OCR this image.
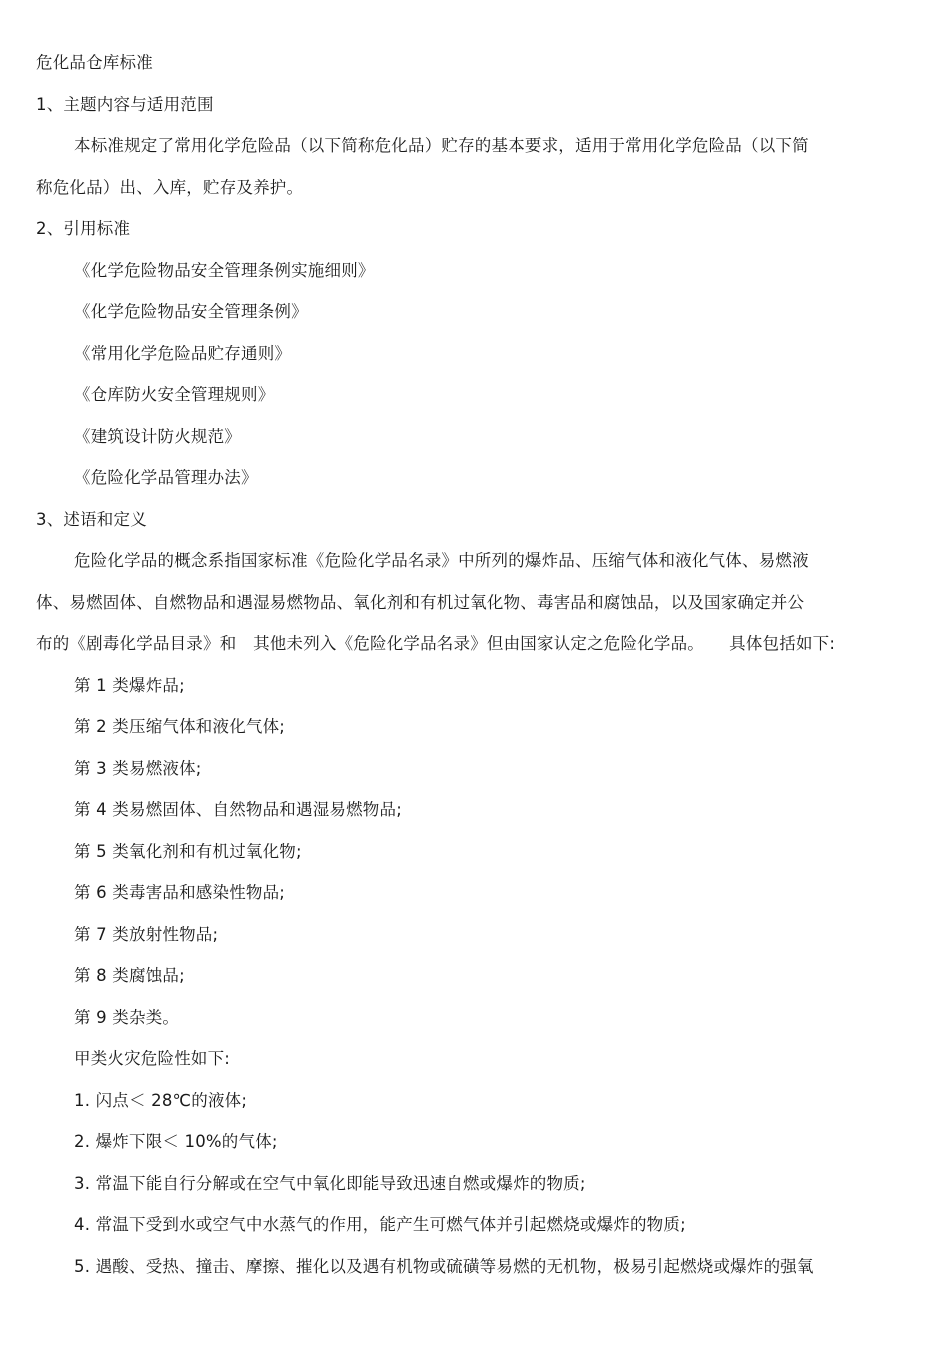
危化品仓库标准
1、主题内容与适用范围
本标准规定了常用化学危险品（以下简称危化品）贮存的基本要求，适用于常用化学危险品（以下简
称危化品）出、入库，贮存及养护。
2、引用标准
《化学危险物品安全管理条例实施细则》
《化学危险物品安全管理条例》
《常用化学危险品贮存通则》
《仓库防火安全管理规则》
《建筑设计防火规范》
《危险化学品管理办法》
3、述语和定义
危险化学品的概念系指国家标准《危险化学品名录》中所列的爆炸品、压缩气体和液化气体、易燃液
体、易燃固体、自燃物品和遇湿易燃物品、氧化剂和有机过氧化物、毒害品和腐蚀品，以及国家确定并公
布的《剧毒化学品目录》和　其他未列入《危险化学品名录》但由国家认定之危险化学品。　　具体包括如下:
第 1 类爆炸品;
第 2 类压缩气体和液化气体;
第 3 类易燃液体;
第 4 类易燃固体、自然物品和遇湿易燃物品;
第 5 类氧化剂和有机过氧化物;
第 6 类毒害品和感染性物品;
第 7 类放射性物品;
第 8 类腐蚀品;
第 9 类杂类。
甲类火灾危险性如下:
1. 闪点＜ 28℃的液体;
2. 爆炸下限＜ 10%的气体;
3. 常温下能自行分解或在空气中氧化即能导致迅速自燃或爆炸的物质;
4. 常温下受到水或空气中水蒸气的作用，能产生可燃气体并引起燃烧或爆炸的物质;
5. 遇酸、受热、撞击、摩擦、摧化以及遇有机物或硫磺等易燃的无机物，极易引起燃烧或爆炸的强氧
